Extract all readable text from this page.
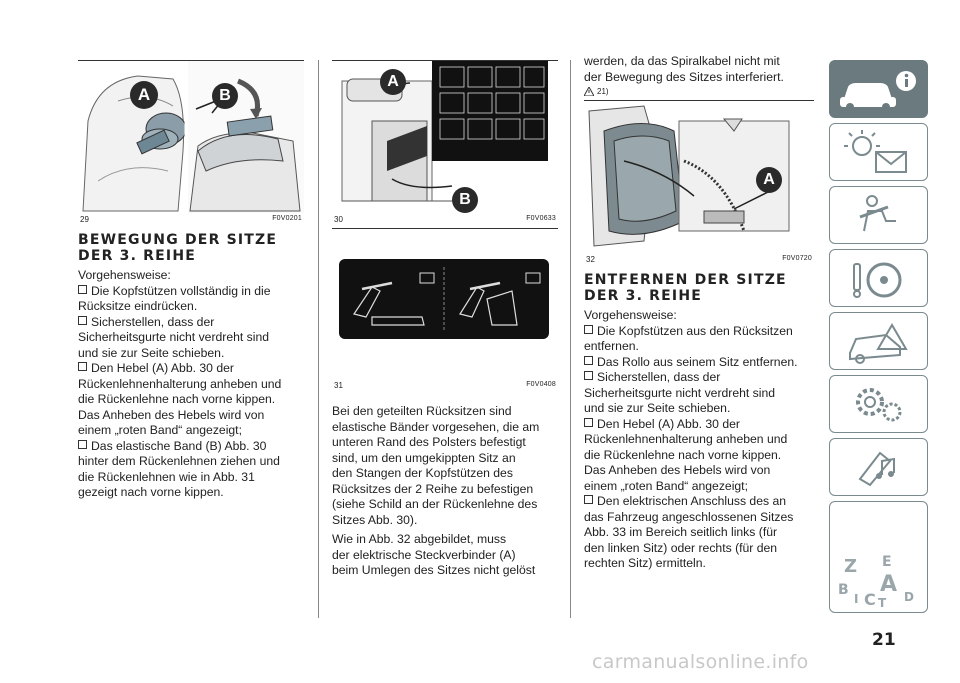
A	B
29	F0V0201
BEWEGUNG DER SITZE
DER 3. REIHE

Vorgehensweise:

Die Kopfstützen vollständig in die

Rücksitze eindrücken.

Sicherstellen, dass der

Sicherheitsgurte nicht verdreht sind

und sie zur Seite schieben.

Den Hebel (A) Abb. 30 der

Rückenlehnenhalterung anheben und

die Rückenlehne nach vorne kippen.

Das Anheben des Hebels wird von

einem „roten Band“ angezeigt;

Das elastische Band (B) Abb. 30

hinter dem Rückenlehnen ziehen und

die Rückenlehnen wie in Abb. 31

gezeigt nach vorne kippen.

A
B
30	F0V0633
31	F0V0408

Bei den geteilten Rücksitzen sind

elastische Bänder vorgesehen, die am

unteren Rand des Polsters befestigt

sind, um den umgekippten Sitz an

den Stangen der Kopfstützen des

Rücksitzes der 2 Reihe zu befestigen

(siehe Schild an der Rückenlehne des

Sitzes Abb. 30).

Wie in Abb. 32 abgebildet, muss

der elektrische Steckverbinder (A)

beim Umlegen des Sitzes nicht gelöst

werden, da das Spiralkabel nicht mit

der Bewegung des Sitzes interferiert.

21)
A
32	F0V0720
ENTFERNEN DER SITZE
DER 3. REIHE

Vorgehensweise:

Die Kopfstützen aus den Rücksitzen

entfernen.

Das Rollo aus seinem Sitz entfernen.

Sicherstellen, dass der

Sicherheitsgurte nicht verdreht sind

und sie zur Seite schieben.

Den Hebel (A) Abb. 30 der

Rückenlehnenhalterung anheben und

die Rückenlehne nach vorne kippen.

Das Anheben des Hebels wird von

einem „roten Band“ angezeigt;

Den elektrischen Anschluss des an

das Fahrzeug angeschlossenen Sitzes

Abb. 33 im Bereich seitlich links (für

den linken Sitz) oder rechts (für den

rechten Sitz) ermitteln.	Z E
B A
I C T D
21
carmanualsonline.info
